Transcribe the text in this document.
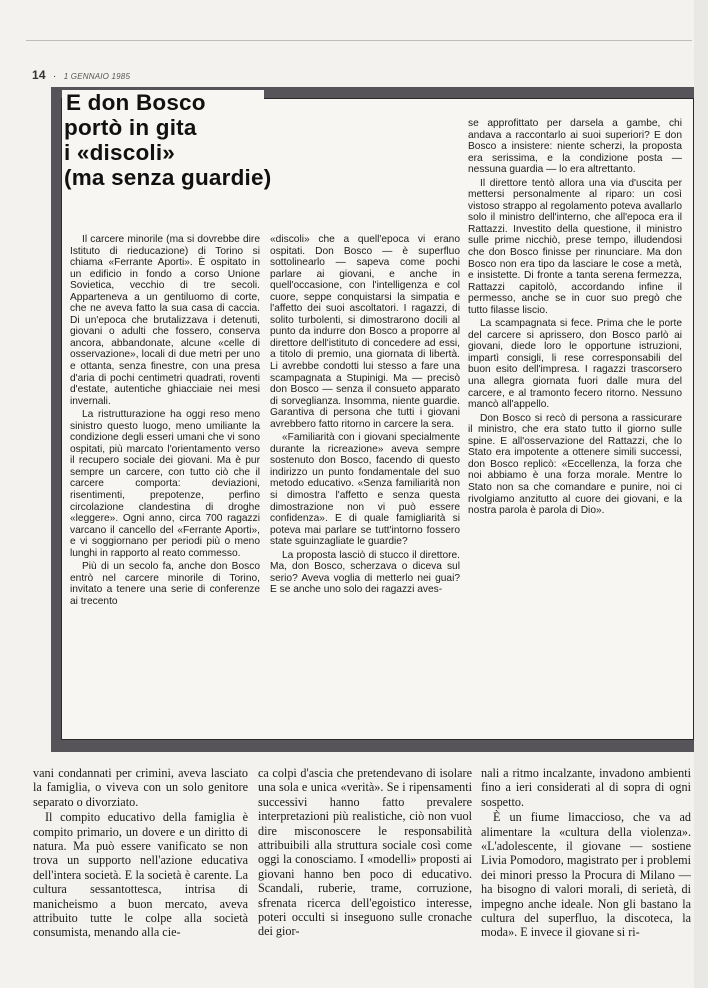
14 · 1 GENNAIO 1985
E don Bosco
portò in gita
i «discoli»
(ma senza guardie)

Il carcere minorile (ma si dovrebbe dire Istituto di rieducazione) di Torino si chiama «Ferrante Aporti». È ospitato in un edificio in fondo a corso Unione Sovietica, vecchio di tre secoli. Apparteneva a un gentiluomo di corte, che ne aveva fatto la sua casa di caccia. Di un'epoca che brutalizzava i detenuti, giovani o adulti che fossero, conserva ancora, abbandonate, alcune «celle di osservazione», locali di due metri per uno e ottanta, senza finestre, con una presa d'aria di pochi centimetri quadrati, roventi d'estate, autentiche ghiacciaie nei mesi invernali.

La ristrutturazione ha oggi reso meno sinistro questo luogo, meno umiliante la condizione degli esseri umani che vi sono ospitati, più marcato l'orientamento verso il recupero sociale dei giovani. Ma è pur sempre un carcere, con tutto ciò che il carcere comporta: deviazioni, risentimenti, prepotenze, perfino circolazione clandestina di droghe «leggere». Ogni anno, circa 700 ragazzi varcano il cancello del «Ferrante Aporti», e vi soggiornano per periodi più o meno lunghi in rapporto al reato commesso.

Più di un secolo fa, anche don Bosco entrò nel carcere minorile di Torino, invitato a tenere una serie di conferenze ai trecento

«discoli» che a quell'epoca vi erano ospitati. Don Bosco — è superfluo sottolinearlo — sapeva come pochi parlare ai giovani, e anche in quell'occasione, con l'intelligenza e col cuore, seppe conquistarsi la simpatia e l'affetto dei suoi ascoltatori. I ragazzi, di solito turbolenti, si dimostrarono docili al punto da indurre don Bosco a proporre al direttore dell'istituto di concedere ad essi, a titolo di premio, una giornata di libertà. Li avrebbe condotti lui stesso a fare una scampagnata a Stupinigi. Ma — precisò don Bosco — senza il consueto apparato di sorveglianza. Insomma, niente guardie. Garantiva di persona che tutti i giovani avrebbero fatto ritorno in carcere la sera.

«Familiarità con i giovani specialmente durante la ricreazione» aveva sempre sostenuto don Bosco, facendo di questo indirizzo un punto fondamentale del suo metodo educativo. «Senza familiarità non si dimostra l'affetto e senza questa dimostrazione non vi può essere confidenza». E di quale famigliarità si poteva mai parlare se tutt'intorno fossero state sguinzagliate le guardie?

La proposta lasciò di stucco il direttore. Ma, don Bosco, scherzava o diceva sul serio? Aveva voglia di metterlo nei guai? E se anche uno solo dei ragazzi aves-

se approfittato per darsela a gambe, chi andava a raccontarlo ai suoi superiori? E don Bosco a insistere: niente scherzi, la proposta era serissima, e la condizione posta — nessuna guardia — lo era altrettanto.

Il direttore tentò allora una via d'uscita per mettersi personalmente al riparo: un così vistoso strappo al regolamento poteva avallarlo solo il ministro dell'interno, che all'epoca era il Rattazzi. Investito della questione, il ministro sulle prime nicchiò, prese tempo, illudendosi che don Bosco finisse per rinunciare. Ma don Bosco non era tipo da lasciare le cose a metà, e insistette. Di fronte a tanta serena fermezza, Rattazzi capitolò, accordando infine il permesso, anche se in cuor suo pregò che tutto filasse liscio.

La scampagnata si fece. Prima che le porte del carcere si aprissero, don Bosco parlò ai giovani, diede loro le opportune istruzioni, impartì consigli, li rese corresponsabili del buon esito dell'impresa. I ragazzi trascorsero una allegra giornata fuori dalle mura del carcere, e al tramonto fecero ritorno. Nessuno mancò all'appello.

Don Bosco si recò di persona a rassicurare il ministro, che era stato tutto il giorno sulle spine. E all'osservazione del Rattazzi, che lo Stato era impotente a ottenere simili successi, don Bosco replicò: «Eccellenza, la forza che noi abbiamo è una forza morale. Mentre lo Stato non sa che comandare e punire, noi ci rivolgiamo anzitutto al cuore dei giovani, e la nostra parola è parola di Dio».

vani condannati per crimini, aveva lasciato la famiglia, o viveva con un solo genitore separato o divorziato.

Il compito educativo della famiglia è compito primario, un dovere e un diritto di natura. Ma può essere vanificato se non trova un supporto nell'azione educativa dell'intera società. E la società è carente. La cultura sessantottesca, intrisa di manicheismo a buon mercato, aveva attribuito tutte le colpe alla società consumista, menando alla cie-

ca colpi d'ascia che pretendevano di isolare una sola e unica «verità». Se i ripensamenti successivi hanno fatto prevalere interpretazioni più realistiche, ciò non vuol dire misconoscere le responsabilità attribuibili alla struttura sociale così come oggi la conosciamo. I «modelli» proposti ai giovani hanno ben poco di educativo. Scandali, ruberie, trame, corruzione, sfrenata ricerca dell'egoistico interesse, poteri occulti si inseguono sulle cronache dei gior-

nali a ritmo incalzante, invadono ambienti fino a ieri considerati al di sopra di ogni sospetto.

È un fiume limaccioso, che va ad alimentare la «cultura della violenza». «L'adolescente, il giovane — sostiene Livia Pomodoro, magistrato per i problemi dei minori presso la Procura di Milano — ha bisogno di valori morali, di serietà, di impegno anche ideale. Non gli bastano la cultura del superfluo, la discoteca, la moda». E invece il giovane si ri-
